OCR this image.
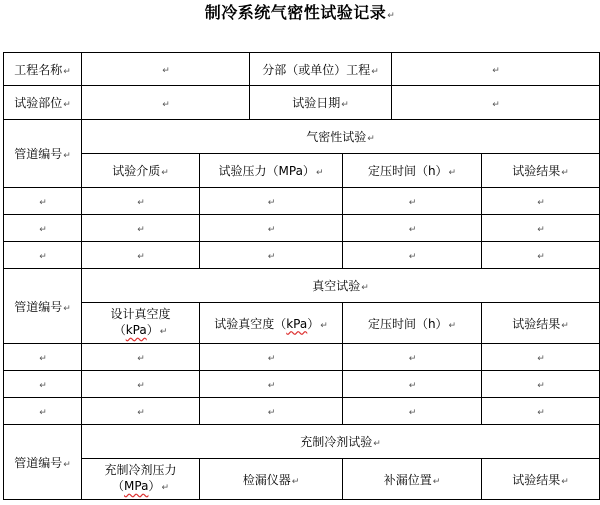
制冷系统气密性试验记录↵
工程名称↵	↵		分部（或单位）工程↵		↵	
试验部位↵	↵		试验日期↵		↵	
管道编号↵	气密性试验↵					
	试验介质↵	试验压力（MPa）↵		定压时间（h）↵		试验结果↵
↵	↵	↵		↵		↵
↵	↵	↵		↵		↵
↵	↵	↵		↵		↵
管道编号↵	真空试验↵					
	设计真空度
（kPa）↵	试验真空度（kPa）↵		定压时间（h）↵		试验结果↵
↵	↵	↵		↵		↵
↵	↵	↵		↵		↵
↵	↵	↵		↵		↵
管道编号↵	充制冷剂试验↵					
	充制冷剂压力
（MPa）↵	检漏仪器↵		补漏位置↵		试验结果↵
